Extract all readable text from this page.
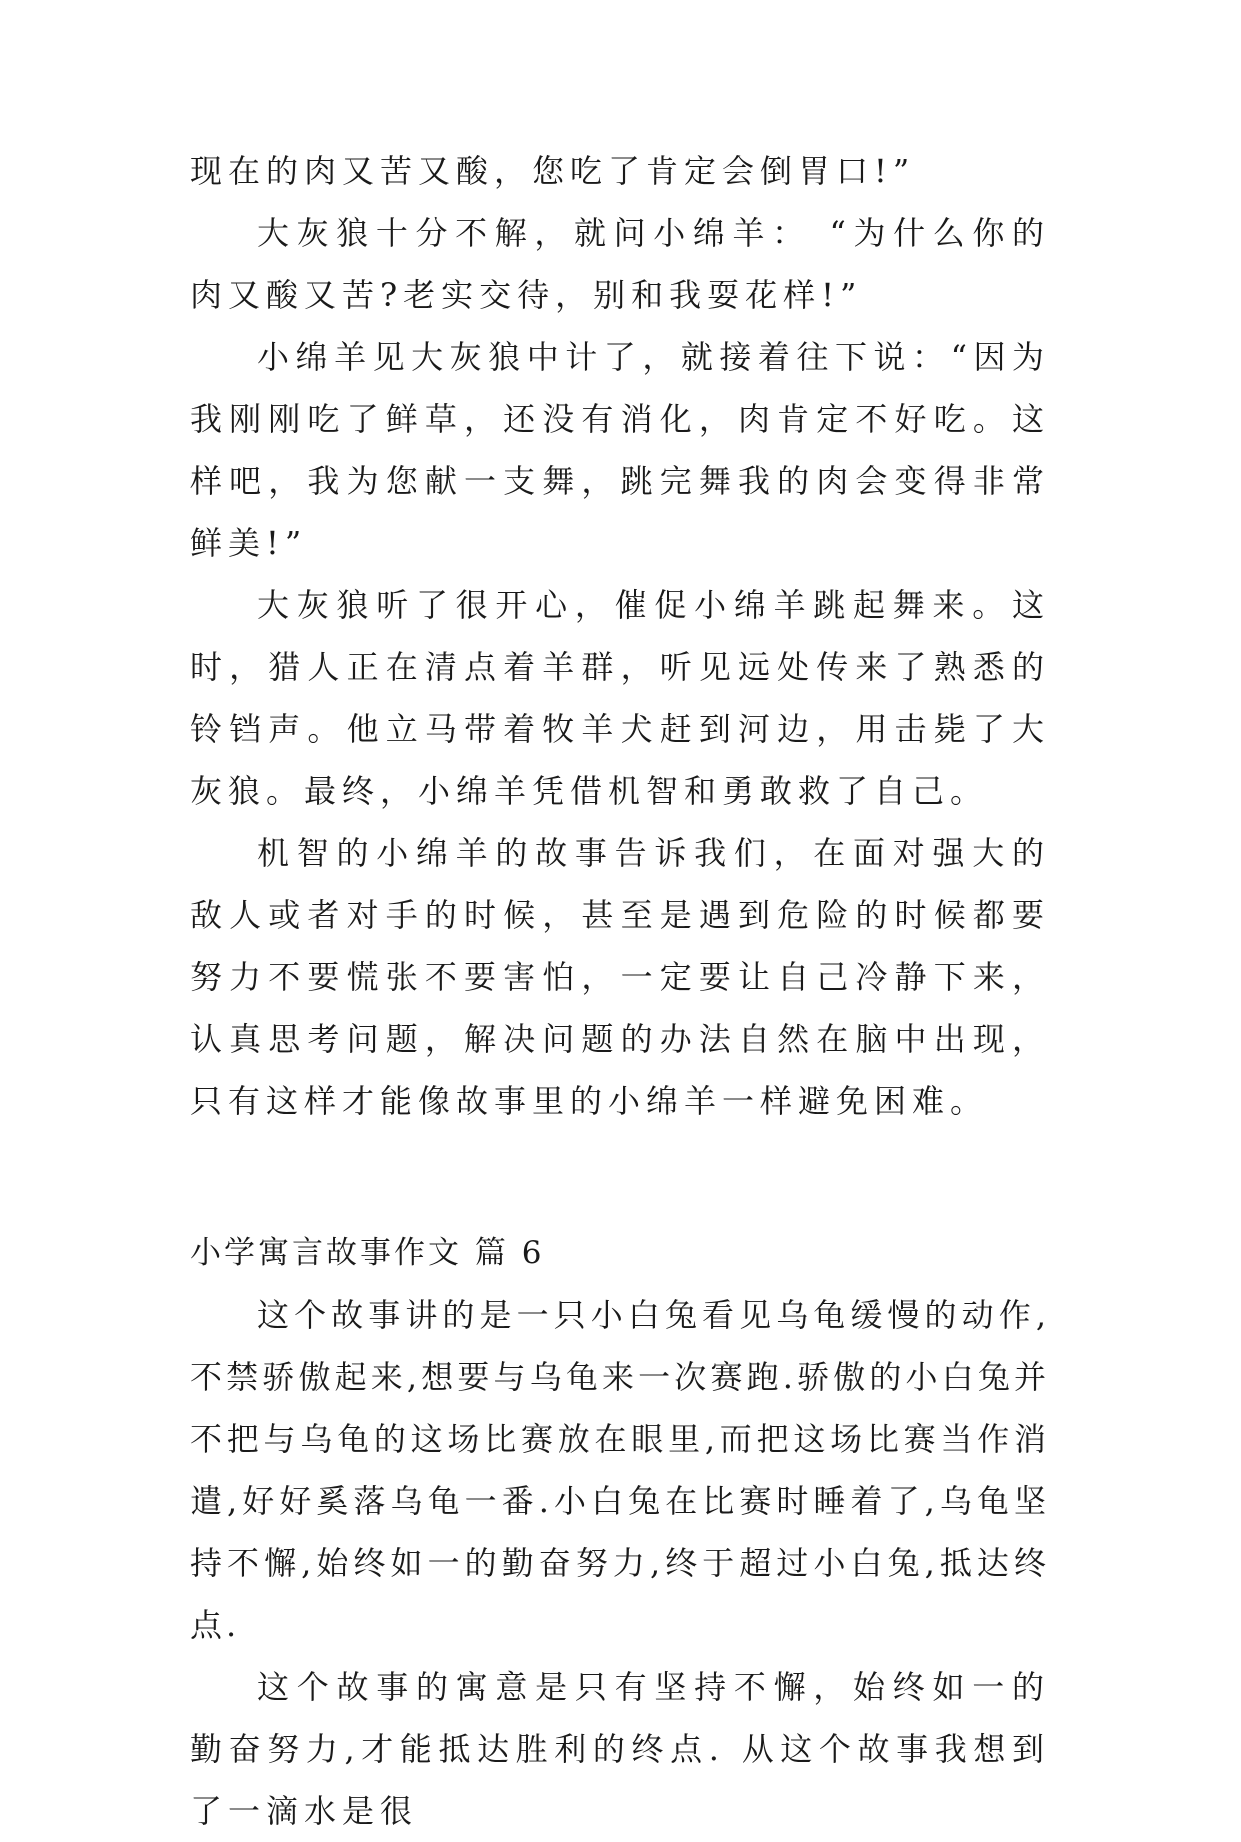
现在的肉又苦又酸，您吃了肯定会倒胃口!”

大灰狼十分不解，就问小绵羊： “为什么你的肉又酸又苦?老实交待，别和我耍花样!”

小绵羊见大灰狼中计了，就接着往下说：“因为我刚刚吃了鲜草，还没有消化，肉肯定不好吃。这样吧，我为您献一支舞，跳完舞我的肉会变得非常鲜美!”

大灰狼听了很开心，催促小绵羊跳起舞来。这时，猎人正在清点着羊群，听见远处传来了熟悉的铃铛声。他立马带着牧羊犬赶到河边，用击毙了大灰狼。最终，小绵羊凭借机智和勇敢救了自己。

机智的小绵羊的故事告诉我们，在面对强大的敌人或者对手的时候，甚至是遇到危险的时候都要努力不要慌张不要害怕，一定要让自己冷静下来，认真思考问题，解决问题的办法自然在脑中出现，只有这样才能像故事里的小绵羊一样避免困难。

小学寓言故事作文 篇 6

这个故事讲的是一只小白兔看见乌龟缓慢的动作,不禁骄傲起来,想要与乌龟来一次赛跑.骄傲的小白兔并不把与乌龟的这场比赛放在眼里,而把这场比赛当作消遣,好好奚落乌龟一番.小白兔在比赛时睡着了,乌龟坚持不懈,始终如一的勤奋努力,终于超过小白兔,抵达终点.

这个故事的寓意是只有坚持不懈，始终如一的勤奋努力,才能抵达胜利的终点. 从这个故事我想到了一滴水是很
